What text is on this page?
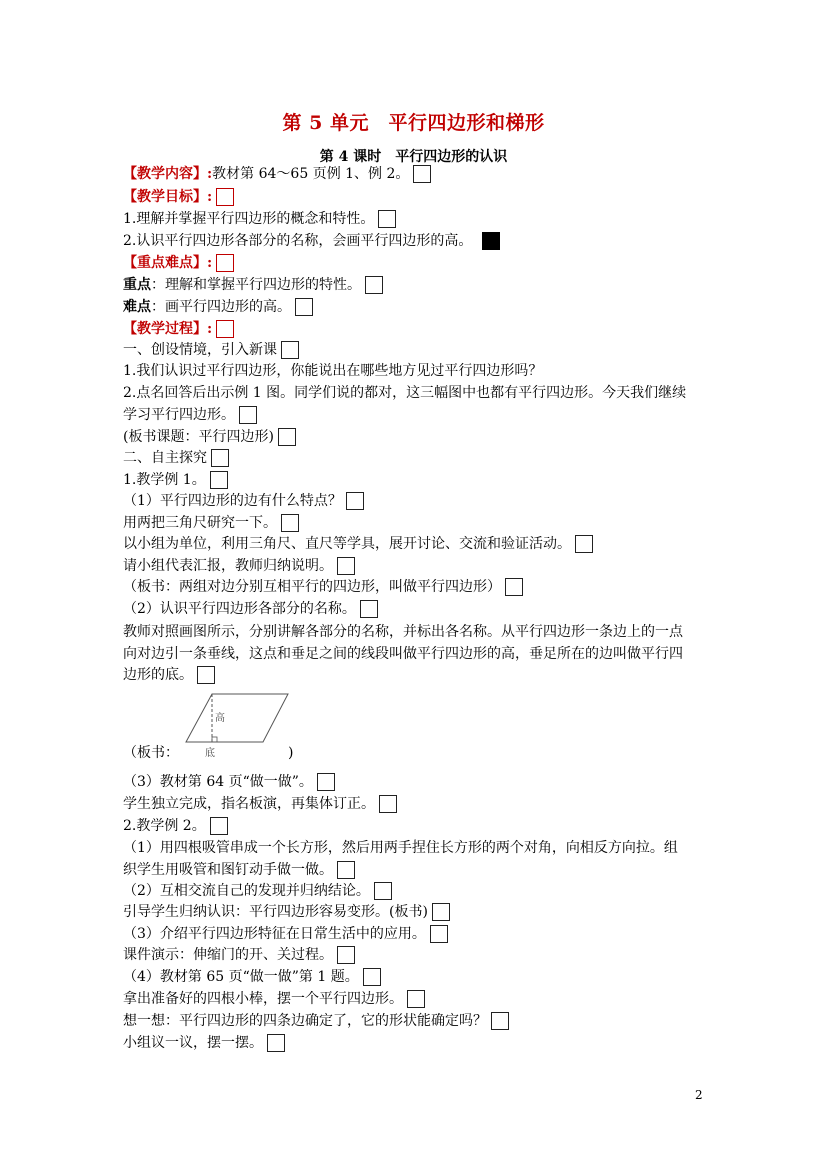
第 5 单元　平行四边形和梯形
第 4 课时　平行四边形的认识
【教学内容】:教材第 64～65 页例 1、例 2。
【教学目标】:
1.理解并掌握平行四边形的概念和特性。
2.认识平行四边形各部分的名称，会画平行四边形的高。
【重点难点】:
重点：理解和掌握平行四边形的特性。
难点：画平行四边形的高。
【教学过程】:
一、创设情境，引入新课
1.我们认识过平行四边形，你能说出在哪些地方见过平行四边形吗？
2.点名回答后出示例 1 图。同学们说的都对，这三幅图中也都有平行四边形。今天我们继续
学习平行四边形。
(板书课题：平行四边形)
二、自主探究
1.教学例 1。
（1）平行四边形的边有什么特点？
用两把三角尺研究一下。
以小组为单位，利用三角尺、直尺等学具，展开讨论、交流和验证活动。
请小组代表汇报，教师归纳说明。
（板书：两组对边分别互相平行的四边形，叫做平行四边形）
（2）认识平行四边形各部分的名称。
教师对照画图所示，分别讲解各部分的名称，并标出各名称。从平行四边形一条边上的一点
向对边引一条垂线，这点和垂足之间的线段叫做平行四边形的高，垂足所在的边叫做平行四
边形的底。
（板书：	)
高
底
（3）教材第 64 页“做一做”。
学生独立完成，指名板演，再集体订正。
2.教学例 2。
（1）用四根吸管串成一个长方形，然后用两手捏住长方形的两个对角，向相反方向拉。组
织学生用吸管和图钉动手做一做。
（2）互相交流自己的发现并归纳结论。
引导学生归纳认识：平行四边形容易变形。(板书)
（3）介绍平行四边形特征在日常生活中的应用。
课件演示：伸缩门的开、关过程。
（4）教材第 65 页“做一做”第 1 题。
拿出准备好的四根小棒，摆一个平行四边形。
想一想：平行四边形的四条边确定了，它的形状能确定吗？
小组议一议，摆一摆。
2
